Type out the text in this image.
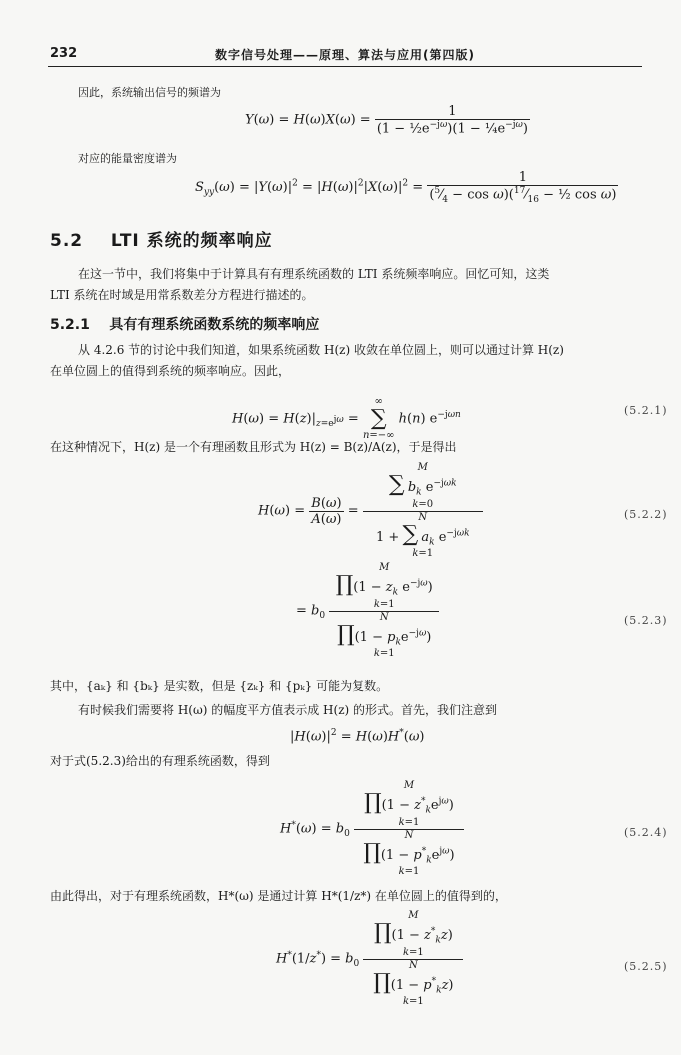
232	数字信号处理——原理、算法与应用(第四版)
因此，系统输出信号的频谱为
$Y(\omega) = H(\omega)X(\omega) = \frac{1}{(1 - \frac{1}{2}e^{-j\omega})(1 - \frac{1}{4}e^{-j\omega})}$
对应的能量密度谱为
$S_{yy}(\omega) = |Y(\omega)|^2 = |H(\omega)|^2|X(\omega)|^2 = \frac{1}{(^5⁄_4 - \cos \omega)(^{17}⁄_{16} - \frac{1}{2} \cos \omega)}$
5.2 LTI 系统的频率响应
在这一节中，我们将集中于计算具有有理系统函数的 LTI 系统频率响应。回忆可知，这类
LTI 系统在时域是用常系数差分方程进行描述的。
5.2.1 具有有理系统函数系统的频率响应
从 4.2.6 节的讨论中我们知道，如果系统函数 H(z) 收敛在单位圆上，则可以通过计算 H(z)
在单位圆上的值得到系统的频率响应。因此，
$H(\omega) = H(z)|_{z=e^{j\omega}}$ =
∞
∑
n=−∞
h(n) $e^{-j\omega n}$	(5.2.1)
在这种情况下，H(z) 是一个有理函数且形式为 H(z) = B(z)/A(z)，于是得出
$H(\omega) = \frac{B(\omega)}{A(\omega)}$ =
M
∑ $b_k$ $e^{-j\omega k}$
k=0
N
1 + ∑ $a_k$ $e^{-j\omega k}$
k=1
(5.2.2)
= $b_0$
M
∏(1 − $z_k$ $e^{-j\omega}$)
k=1
N
∏(1 − $p_ke^{-j\omega}$)
k=1
(5.2.3)
其中，{aₖ} 和 {bₖ} 是实数，但是 {zₖ} 和 {pₖ} 可能为复数。
有时候我们需要将 H(ω) 的幅度平方值表示成 H(z) 的形式。首先，我们注意到
$|H(\omega)|^2 = H(\omega)H^*(\omega)$
对于式(5.2.3)给出的有理系统函数，得到
$H^*(\omega) = b_0$
M
∏(1 − $z^*_ke^{j\omega}$)
k=1
N
∏(1 − $p^*_ke^{j\omega}$)
k=1
(5.2.4)
由此得出，对于有理系统函数，H*(ω) 是通过计算 H*(1/z*) 在单位圆上的值得到的，
$H^*(1/z^*) = b_0$
M
∏(1 − $z^*_kz$)
k=1
N
∏(1 − $p^*_kz$)
k=1
(5.2.5)
